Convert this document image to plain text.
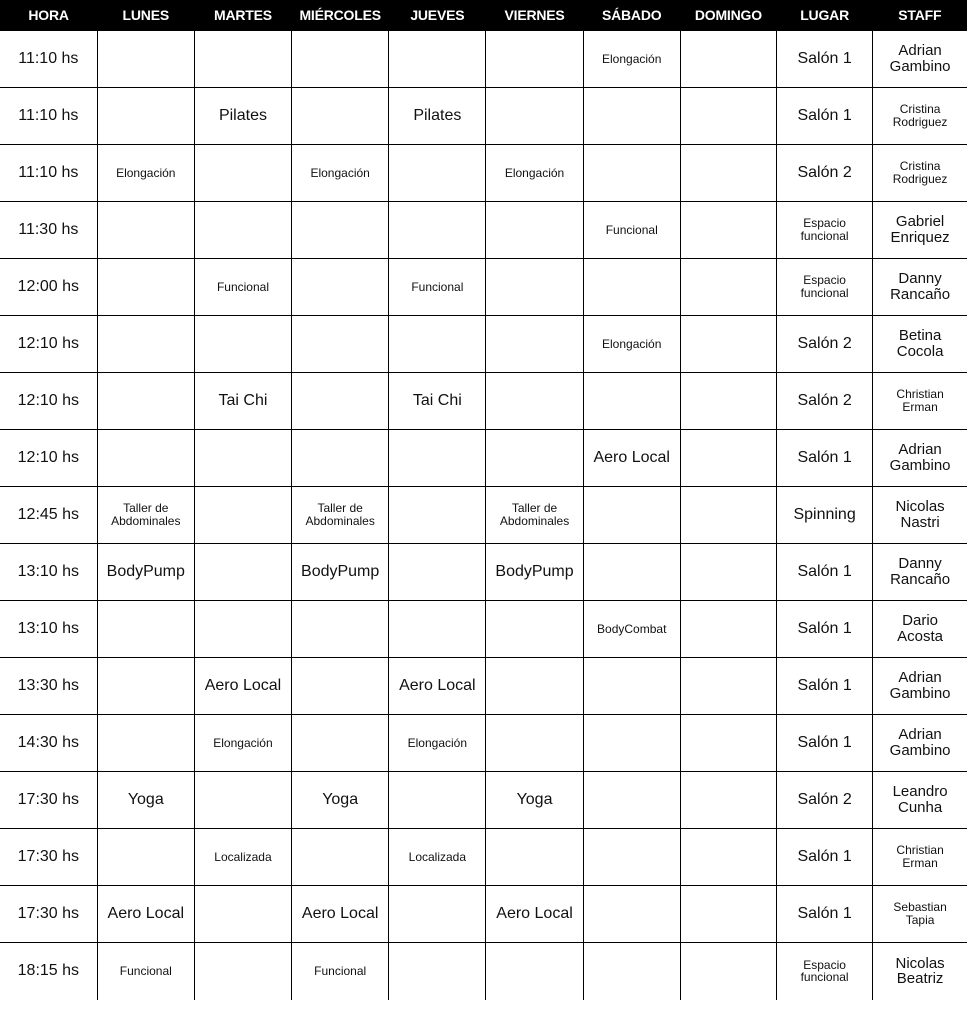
HORA	LUNES	MARTES	MIÉRCOLES	JUEVES	VIERNES	SÁBADO	DOMINGO	LUGAR	STAFF
11:10 hs						Elongación		Salón 1	Adrian
Gambino
11:10 hs		Pilates		Pilates				Salón 1	Cristina
Rodriguez
11:10 hs	Elongación		Elongación		Elongación			Salón 2	Cristina
Rodriguez
11:30 hs						Funcional		Espacio
funcional	Gabriel
Enriquez
12:00 hs		Funcional		Funcional				Espacio
funcional	Danny
Rancaño
12:10 hs						Elongación		Salón 2	Betina
Cocola
12:10 hs		Tai Chi		Tai Chi				Salón 2	Christian
Erman
12:10 hs						Aero Local		Salón 1	Adrian
Gambino
12:45 hs	Taller de
Abdominales		Taller de
Abdominales		Taller de
Abdominales			Spinning	Nicolas
Nastri
13:10 hs	BodyPump		BodyPump		BodyPump			Salón 1	Danny
Rancaño
13:10 hs						BodyCombat		Salón 1	Dario
Acosta
13:30 hs		Aero Local		Aero Local				Salón 1	Adrian
Gambino
14:30 hs		Elongación		Elongación				Salón 1	Adrian
Gambino
17:30 hs	Yoga		Yoga		Yoga			Salón 2	Leandro
Cunha
17:30 hs		Localizada		Localizada				Salón 1	Christian
Erman
17:30 hs	Aero Local		Aero Local		Aero Local			Salón 1	Sebastian
Tapia
18:15 hs	Funcional		Funcional					Espacio
funcional	Nicolas
Beatriz
